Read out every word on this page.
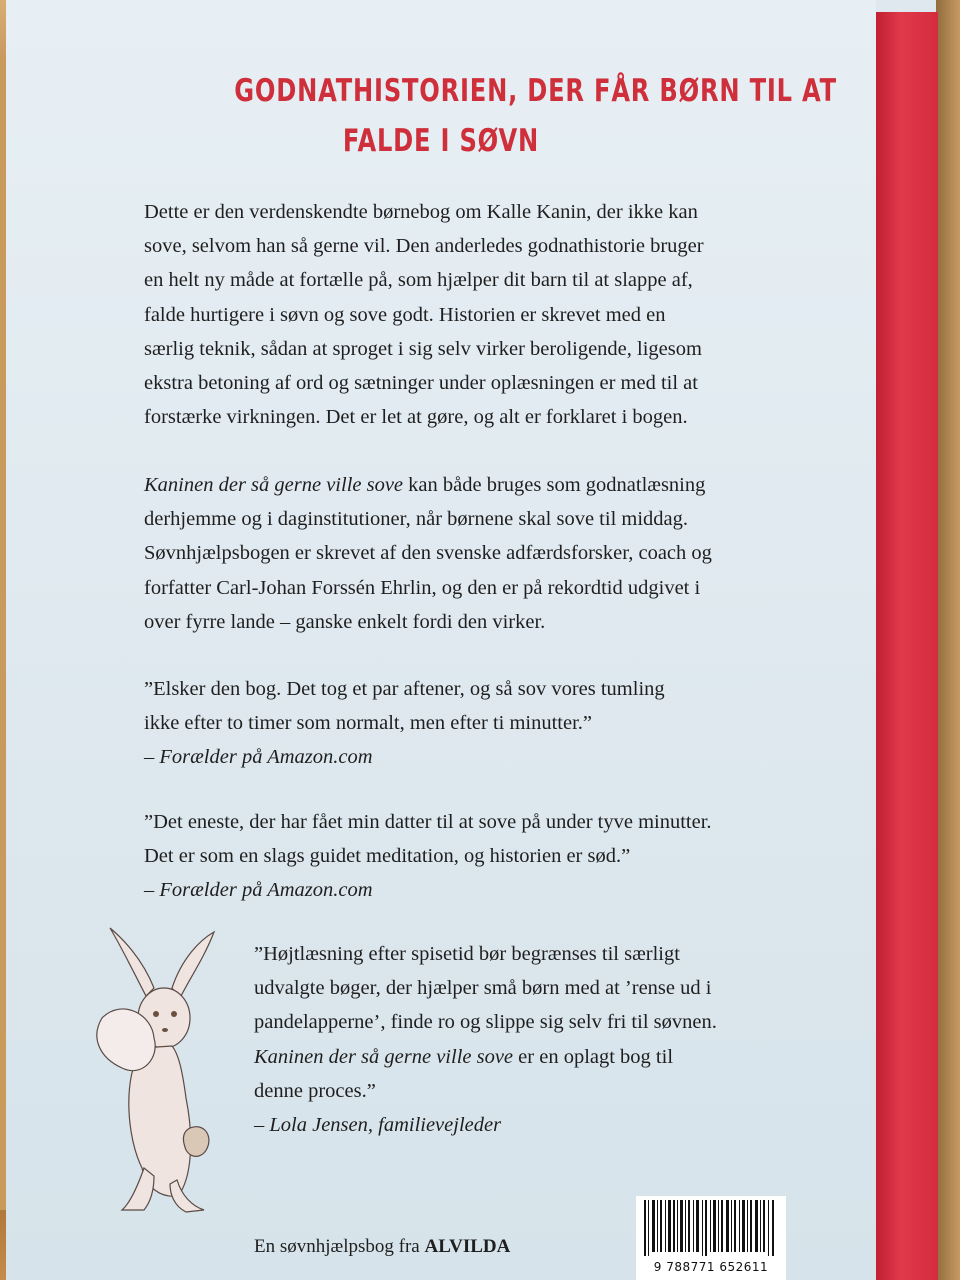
GODNATHISTORIEN, DER FÅR BØRN TIL AT
FALDE I SØVN

Dette er den verdenskendte børnebog om Kalle Kanin, der ikke kan
sove, selvom han så gerne vil. Den anderledes godnathistorie bruger
en helt ny måde at fortælle på, som hjælper dit barn til at slappe af,
falde hurtigere i søvn og sove godt. Historien er skrevet med en
særlig teknik, sådan at sproget i sig selv virker beroligende, ligesom
ekstra betoning af ord og sætninger under oplæsningen er med til at
forstærke virkningen. Det er let at gøre, og alt er forklaret i bogen.

Kaninen der så gerne ville sove kan både bruges som godnatlæsning
derhjemme og i daginstitutioner, når børnene skal sove til middag.
Søvnhjælpsbogen er skrevet af den svenske adfærdsforsker, coach og
forfatter Carl-Johan Forssén Ehrlin, og den er på rekordtid udgivet i
over fyrre lande – ganske enkelt fordi den virker.

”Elsker den bog. Det tog et par aftener, og så sov vores tumling
ikke efter to timer som normalt, men efter ti minutter.”
– Forælder på Amazon.com

”Det eneste, der har fået min datter til at sove på under tyve minutter.
Det er som en slags guidet meditation, og historien er sød.”
– Forælder på Amazon.com

”Højtlæsning efter spisetid bør begrænses til særligt
udvalgte bøger, der hjælper små børn med at ’rense ud i
pandelapperne’, finde ro og slippe sig selv fri til søvnen.
Kaninen der så gerne ville sove er en oplagt bog til
denne proces.”
– Lola Jensen, familievejleder

En søvnhjælpsbog fra ALVILDA
9 788771 652611
